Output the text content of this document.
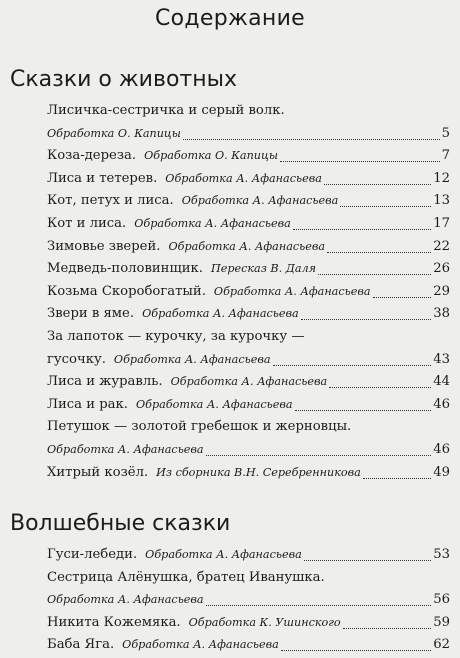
Содержание
Сказки о животных
Лисичка-сестричка и серый волк.
Обработка О. Капицы	5
Коза-дереза. Обработка О. Капицы	7
Лиса и тетерев. Обработка А. Афанасьева	12
Кот, петух и лиса. Обработка А. Афанасьева	13
Кот и лиса. Обработка А. Афанасьева	17
Зимовье зверей. Обработка А. Афанасьева	22
Медведь-половинщик. Пересказ В. Даля	26
Козьма Скоробогатый. Обработка А. Афанасьева	29
Звери в яме. Обработка А. Афанасьева	38
За лапоток — курочку, за курочку —
гусочку. Обработка А. Афанасьева	43
Лиса и журавль. Обработка А. Афанасьева	44
Лиса и рак. Обработка А. Афанасьева	46
Петушок — золотой гребешок и жерновцы.
Обработка А. Афанасьева	46
Хитрый козёл. Из сборника В.Н. Серебренникова	49
Волшебные сказки
Гуси-лебеди. Обработка А. Афанасьева	53
Сестрица Алёнушка, братец Иванушка.
Обработка А. Афанасьева	56
Никита Кожемяка. Обработка К. Ушинского	59
Баба Яга. Обработка А. Афанасьева	62
